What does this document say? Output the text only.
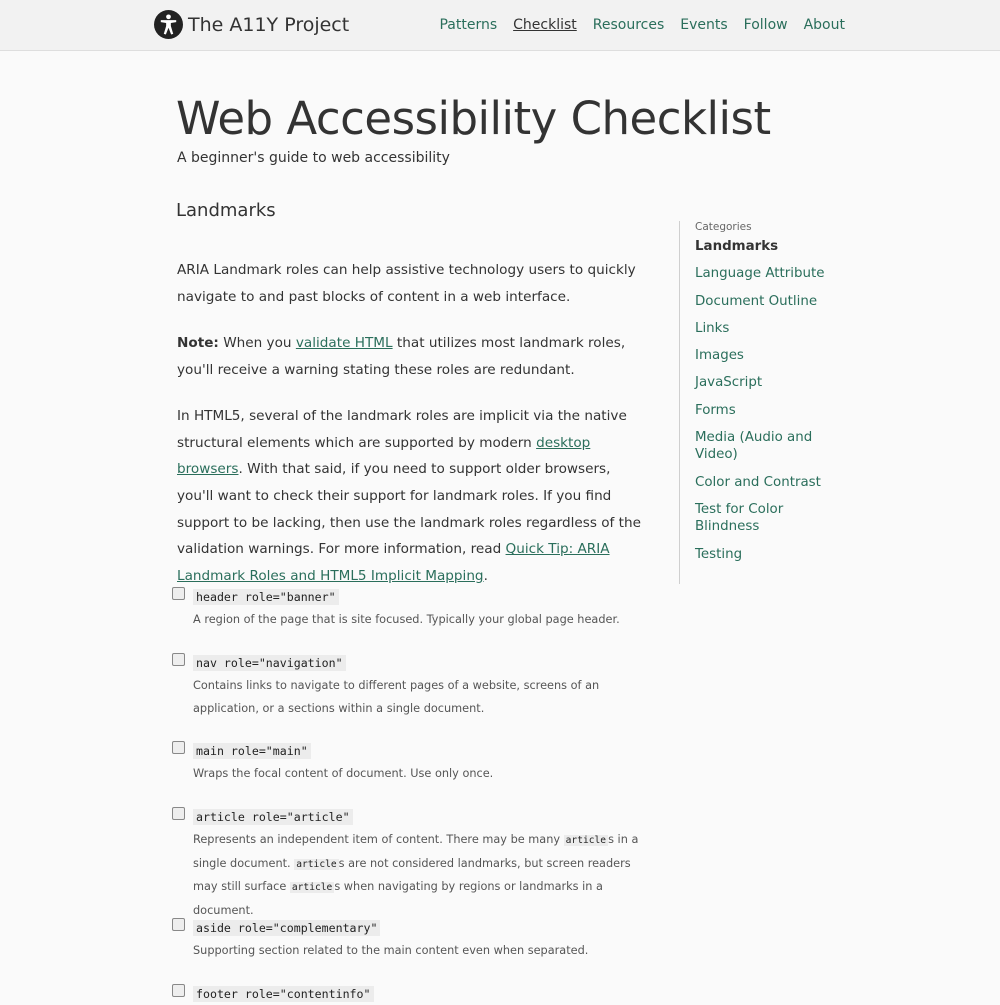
The A11Y Project	Patterns Checklist Resources Events Follow About
Web Accessibility Checklist

A beginner's guide to web accessibility

Landmarks

ARIA Landmark roles can help assistive technology users to quickly navigate to and past blocks of content in a web interface.

Note: When you validate HTML that utilizes most landmark roles, you'll receive a warning stating these roles are redundant.

In HTML5, several of the landmark roles are implicit via the native structural elements which are supported by modern desktop browsers. With that said, if you need to support older browsers, you'll want to check their support for landmark roles. If you find support to be lacking, then use the landmark roles regardless of the validation warnings. For more information, read Quick Tip: ARIA Landmark Roles and HTML5 Implicit Mapping.

header role="banner"
A region of the page that is site focused. Typically your global page header.
nav role="navigation"
Contains links to navigate to different pages of a website, screens of an application, or a sections within a single document.
main role="main"
Wraps the focal content of document. Use only once.
article role="article"
Represents an independent item of content. There may be many article s in a single document. article s are not considered landmarks, but screen readers may still surface article s when navigating by regions or landmarks in a document.
aside role="complementary"
Supporting section related to the main content even when separated.
footer role="contentinfo"
Categories
Landmarks
Language Attribute
Document Outline
Links
Images
JavaScript
Forms
Media (Audio and Video)
Color and Contrast
Test for Color Blindness
Testing
